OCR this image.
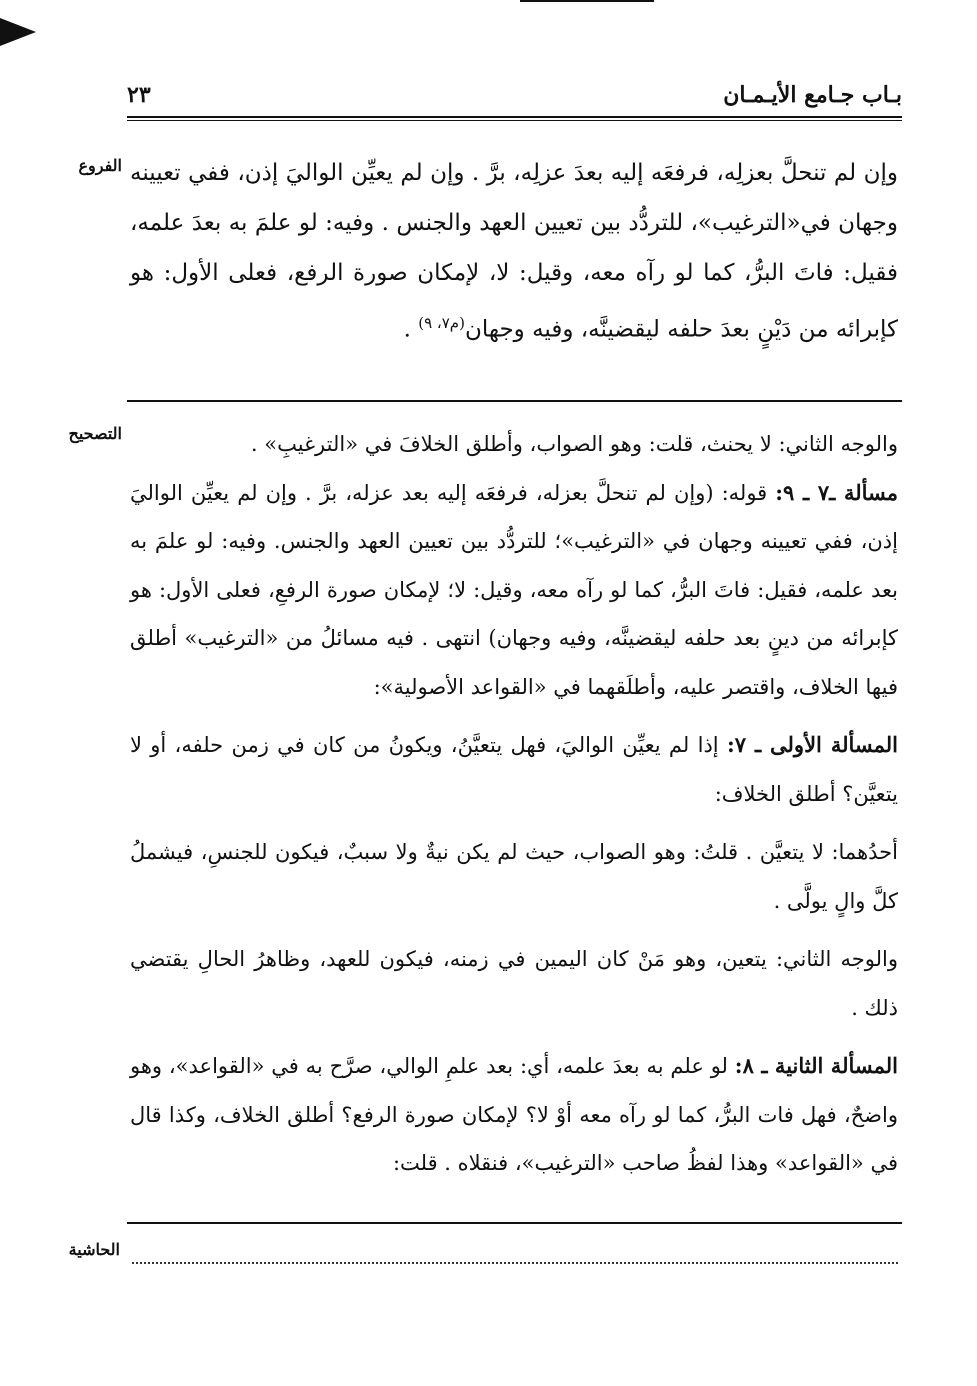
بـاب جـامع الأيـمـان
٢٣
الفروع وإن لم تنحلَّ بعزلِه، فرفعَه إليه بعدَ عزلِه، برَّ . وإن لم يعيِّن الواليَ إذن، ففي تعيينه وجهان في«الترغيب»، للتردُّد بين تعيين العهد والجنس . وفيه: لو علمَ به بعدَ علمه، فقيل: فاتَ البرُّ، كما لو رآه معه، وقيل: لا، لإمكان صورة الرفع، فعلى الأول: هو كإبرائه من دَيْنٍ بعدَ حلفه ليقضينَّه، وفيه وجهان$^{(م٧، ٩)}$ .

التصحيح	والوجه الثاني: لا يحنث، قلت: وهو الصواب، وأطلق الخلافَ في «الترغيبِ» .

مسألة ـ٧ ـ ٩: قوله: (وإن لم تنحلَّ بعزله، فرفعَه إليه بعد عزله، برَّ . وإن لم يعيِّن الواليَ إذن، ففي تعيينه وجهان في «الترغيب»؛ للتردُّد بين تعيين العهد والجنس. وفيه: لو علمَ به بعد علمه، فقيل: فاتَ البرُّ، كما لو رآه معه، وقيل: لا؛ لإمكان صورة الرفعِ، فعلى الأول: هو كإبرائه من دينٍ بعد حلفه ليقضينَّه، وفيه وجهان) انتهى . فيه مسائلُ من «الترغيب» أطلق فيها الخلاف، واقتصر عليه، وأطلَقهما في «القواعد الأصولية»:

المسألة الأولى ـ ٧: إذا لم يعيِّن الواليَ، فهل يتعيَّنُ، ويكونُ من كان في زمن حلفه، أو لا يتعيَّن؟ أطلق الخلاف:

أحدُهما: لا يتعيَّن . قلتُ: وهو الصواب، حيث لم يكن نيةٌ ولا سببٌ، فيكون للجنسِ، فيشملُ كلَّ والٍ يولَّى .

والوجه الثاني: يتعين، وهو مَنْ كان اليمين في زمنه، فيكون للعهد، وظاهرُ الحالِ يقتضي ذلك .

المسألة الثانية ـ ٨: لو علم به بعدَ علمه، أي: بعد علمِ الوالي، صرَّح به في «القواعد»، وهو واضحٌ، فهل فات البرُّ، كما لو رآه معه أوْ لا؟ لإمكان صورة الرفع؟ أطلق الخلاف، وكذا قال في «القواعد» وهذا لفظُ صاحب «الترغيب»، فنقلاه . قلت:

الحاشية
